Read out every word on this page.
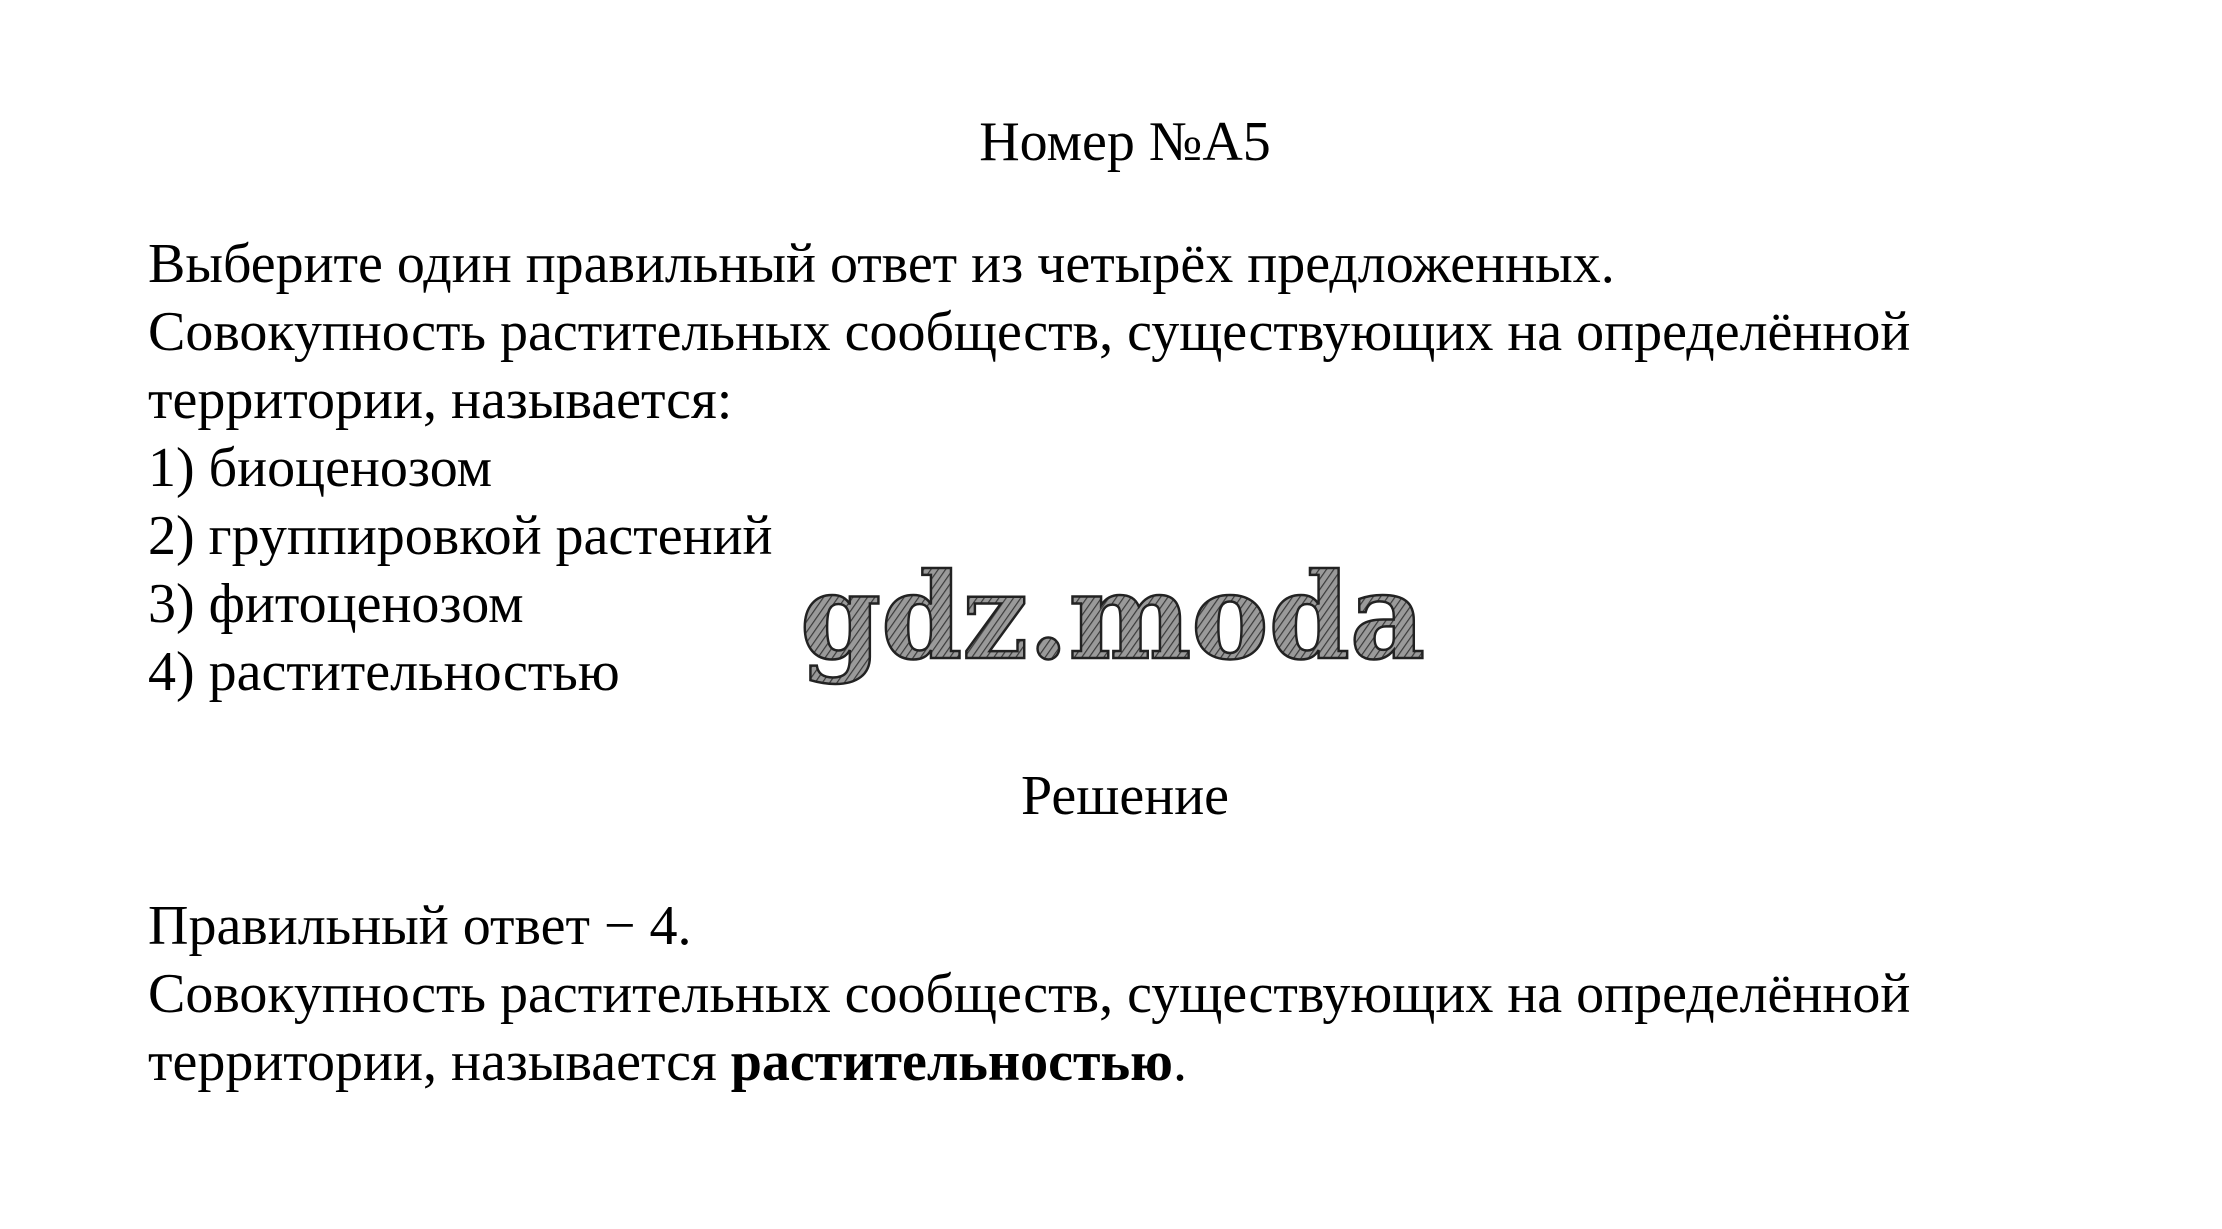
Номер №А5
Выберите один правильный ответ из четырёх предложенных.
Совокупность растительных сообществ, существующих на определённой
территории, называется:
1) биоценозом
2) группировкой растений
3) фитоценозом
4) растительностью	gdz.moda
Решение
Правильный ответ − 4.
Совокупность растительных сообществ, существующих на определённой
территории, называется растительностью.
